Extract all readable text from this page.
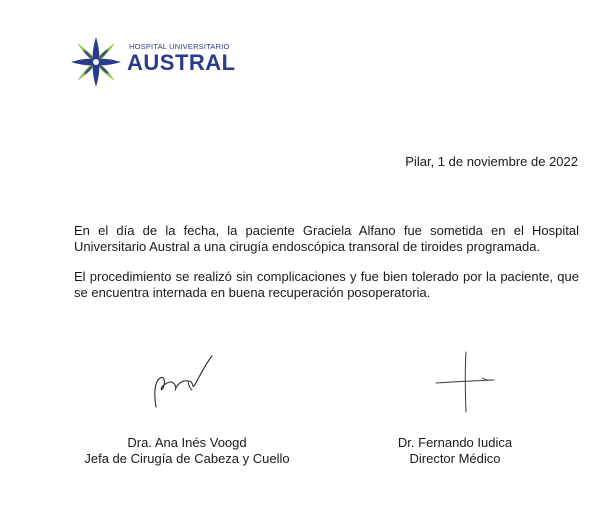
HOSPITAL UNIVERSITARIO
AUSTRAL
Pilar, 1 de noviembre de 2022

En el día de la fecha, la paciente Graciela Alfano fue sometida en el Hospital Universitario Austral a una cirugía endoscópica transoral de tiroides programada.

El procedimiento se realizó sin complicaciones y fue bien tolerado por la paciente, que se encuentra internada en buena recuperación posoperatoria.

Dra. Ana Inés Voogd
Jefa de Cirugía de Cabeza y Cuello
Dr. Fernando Iudica
Director Médico
